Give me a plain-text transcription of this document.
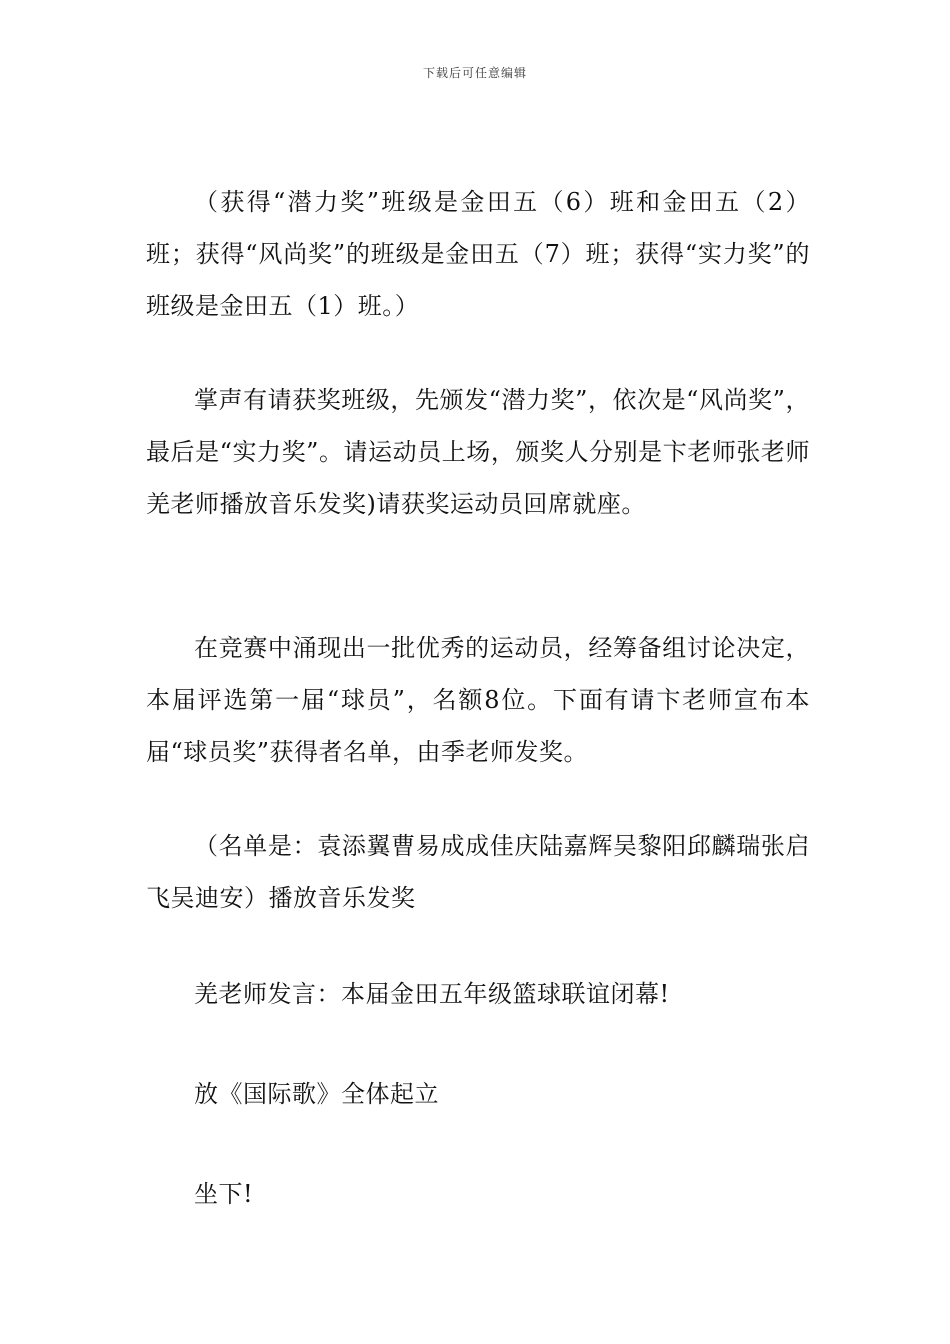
下载后可任意编辑

（获得“潜力奖”班级是金田五（6）班和金田五（2）班；获得“风尚奖”的班级是金田五（7）班；获得“实力奖”的班级是金田五（1）班。）

掌声有请获奖班级，先颁发“潜力奖”，依次是“风尚奖”，最后是“实力奖”。请运动员上场，颁奖人分别是卞老师张老师羌老师播放音乐发奖)请获奖运动员回席就座。

在竞赛中涌现出一批优秀的运动员，经筹备组讨论决定，本届评选第一届“球员”，名额8位。下面有请卞老师宣布本届“球员奖”获得者名单，由季老师发奖。

（名单是：袁添翼曹易成成佳庆陆嘉辉吴黎阳邱麟瑞张启飞吴迪安）播放音乐发奖

羌老师发言：本届金田五年级篮球联谊闭幕!

放《国际歌》全体起立

坐下!
